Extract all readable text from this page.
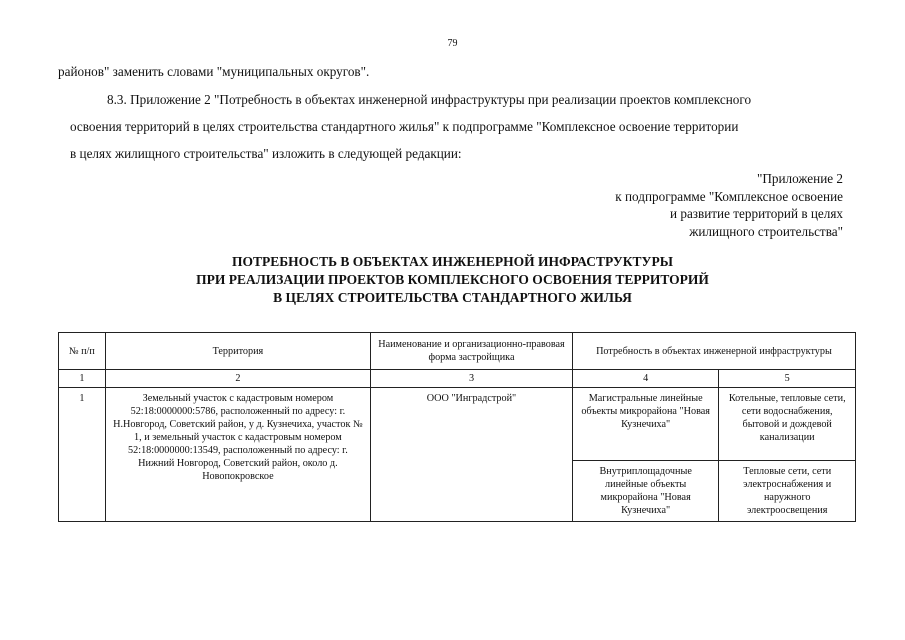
79
районов" заменить словами "муниципальных округов".
8.3. Приложение 2 "Потребность в объектах инженерной инфраструктуры при реализации проектов комплексного
освоения территорий в целях строительства стандартного жилья" к подпрограмме "Комплексное освоение территории
в целях жилищного строительства" изложить в следующей редакции:
"Приложение 2
к подпрограмме "Комплексное освоение
и развитие территорий в целях
жилищного строительства"
ПОТРЕБНОСТЬ В ОБЪЕКТАХ ИНЖЕНЕРНОЙ ИНФРАСТРУКТУРЫ
ПРИ РЕАЛИЗАЦИИ ПРОЕКТОВ КОМПЛЕКСНОГО ОСВОЕНИЯ ТЕРРИТОРИЙ
В ЦЕЛЯХ СТРОИТЕЛЬСТВА СТАНДАРТНОГО ЖИЛЬЯ
№ п/п	Территория	Наименование и организационно-правовая форма застройщика	Потребность в объектах инженерной инфраструктуры	
1	2	3	4	5
1	Земельный участок с кадастровым номером 52:18:0000000:5786, расположенный по адресу: г. Н.Новгород, Советский район, у д. Кузнечиха, участок № 1, и земельный участок с кадастровым номером 52:18:0000000:13549, расположенный по адресу: г. Нижний Новгород, Советский район, около д. Новопокровское	ООО "Инградстрой"	Магистральные линейные объекты микрорайона "Новая Кузнечиха"	Котельные, тепловые сети, сети водоснабжения, бытовой и дождевой канализации
			Внутриплощадочные линейные объекты микрорайона "Новая Кузнечиха"	Тепловые сети, сети электроснабжения и наружного электроосвещения
